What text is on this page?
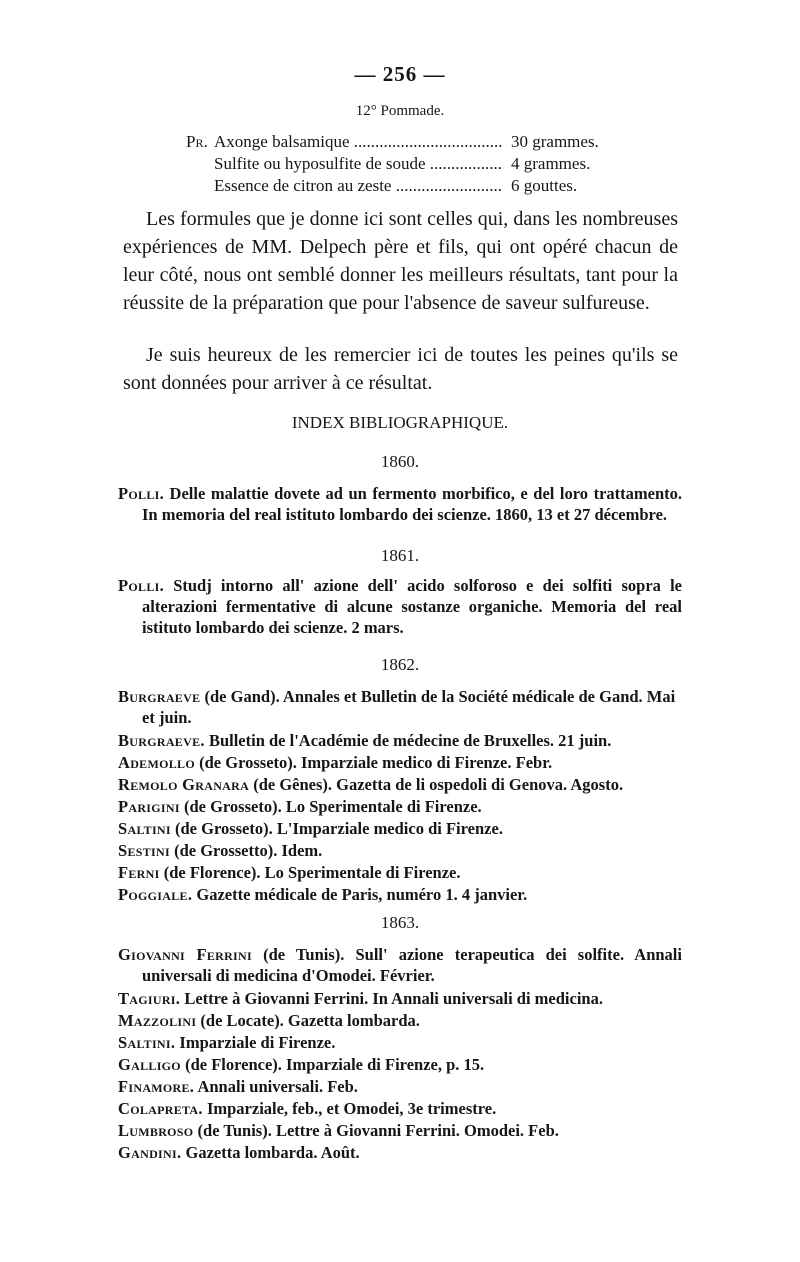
— 256 —
12° Pommade.
Pr. Axonge balsamique .....	30 grammes.
Sulfite ou hyposulfite de soude .....	4 grammes.
Essence de citron au zeste .....	6 gouttes.

Les formules que je donne ici sont celles qui, dans les nombreuses expériences de MM. Delpech père et fils, qui ont opéré chacun de leur côté, nous ont semblé donner les meilleurs résultats, tant pour la réussite de la préparation que pour l'absence de saveur sulfureuse.

Je suis heureux de les remercier ici de toutes les peines qu'ils se sont données pour arriver à ce résultat.

INDEX BIBLIOGRAPHIQUE.
1860.

Polli. Delle malattie dovete ad un fermento morbifico, e del loro trattamento. In memoria del real istituto lombardo dei scienze. 1860, 13 et 27 décembre.

1861.

Polli. Studj intorno all' azione dell' acido solforoso e dei solfiti sopra le alterazioni fermentative di alcune sostanze organiche. Memoria del real istituto lombardo dei scienze. 2 mars.

1862.

Burgraeve (de Gand). Annales et Bulletin de la Société médicale de Gand. Mai et juin.

Burgraeve. Bulletin de l'Académie de médecine de Bruxelles. 21 juin.

Ademollo (de Grosseto). Imparziale medico di Firenze. Febr.

Remolo Granara (de Gênes). Gazetta de li ospedoli di Genova. Agosto.

Parigini (de Grosseto). Lo Sperimentale di Firenze.

Saltini (de Grosseto). L'Imparziale medico di Firenze.

Sestini (de Grossetto). Idem.

Ferni (de Florence). Lo Sperimentale di Firenze.

Poggiale. Gazette médicale de Paris, numéro 1. 4 janvier.

1863.

Giovanni Ferrini (de Tunis). Sull' azione terapeutica dei solfite. Annali universali di medicina d'Omodei. Février.

Tagiuri. Lettre à Giovanni Ferrini. In Annali universali di medicina.

Mazzolini (de Locate). Gazetta lombarda.

Saltini. Imparziale di Firenze.

Galligo (de Florence). Imparziale di Firenze, p. 15.

Finamore. Annali universali. Feb.

Colapreta. Imparziale, feb., et Omodei, 3e trimestre.

Lumbroso (de Tunis). Lettre à Giovanni Ferrini. Omodei. Feb.

Gandini. Gazetta lombarda. Août.
